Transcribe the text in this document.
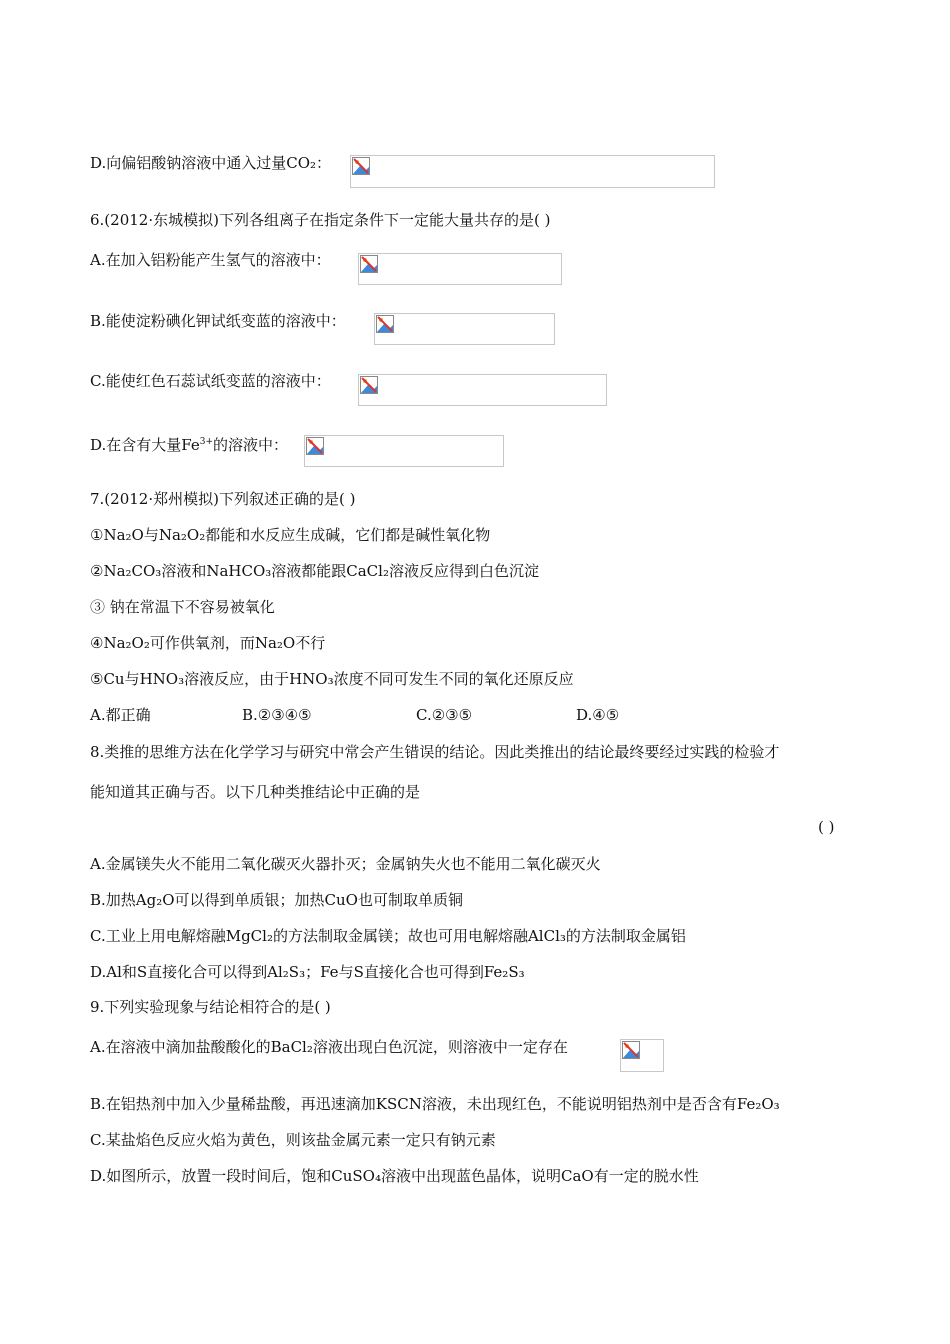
D.向偏铝酸钠溶液中通入过量CO₂：
6.(2012·东城模拟)下列各组离子在指定条件下一定能大量共存的是( )
A.在加入铝粉能产生氢气的溶液中：
B.能使淀粉碘化钾试纸变蓝的溶液中：
C.能使红色石蕊试纸变蓝的溶液中：
D.在含有大量$Fe^{3+}$的溶液中：
7.(2012·郑州模拟)下列叙述正确的是( )
①Na₂O与Na₂O₂都能和水反应生成碱，它们都是碱性氧化物
②Na₂CO₃溶液和NaHCO₃溶液都能跟CaCl₂溶液反应得到白色沉淀
③ 钠在常温下不容易被氧化
④Na₂O₂可作供氧剂，而Na₂O不行
⑤Cu与HNO₃溶液反应，由于HNO₃浓度不同可发生不同的氧化还原反应
A.都正确	B.②③④⑤	C.②③⑤	D.④⑤
8.类推的思维方法在化学学习与研究中常会产生错误的结论。因此类推出的结论最终要经过实践的检验才
能知道其正确与否。以下几种类推结论中正确的是
( )
A.金属镁失火不能用二氧化碳灭火器扑灭；金属钠失火也不能用二氧化碳灭火
B.加热Ag₂O可以得到单质银；加热CuO也可制取单质铜
C.工业上用电解熔融MgCl₂的方法制取金属镁；故也可用电解熔融AlCl₃的方法制取金属铝
D.Al和S直接化合可以得到Al₂S₃；Fe与S直接化合也可得到Fe₂S₃
9.下列实验现象与结论相符合的是( )
A.在溶液中滴加盐酸酸化的BaCl₂溶液出现白色沉淀，则溶液中一定存在
B.在铝热剂中加入少量稀盐酸，再迅速滴加KSCN溶液，未出现红色，不能说明铝热剂中是否含有Fe₂O₃
C.某盐焰色反应火焰为黄色，则该盐金属元素一定只有钠元素
D.如图所示，放置一段时间后，饱和CuSO₄溶液中出现蓝色晶体，说明CaO有一定的脱水性
